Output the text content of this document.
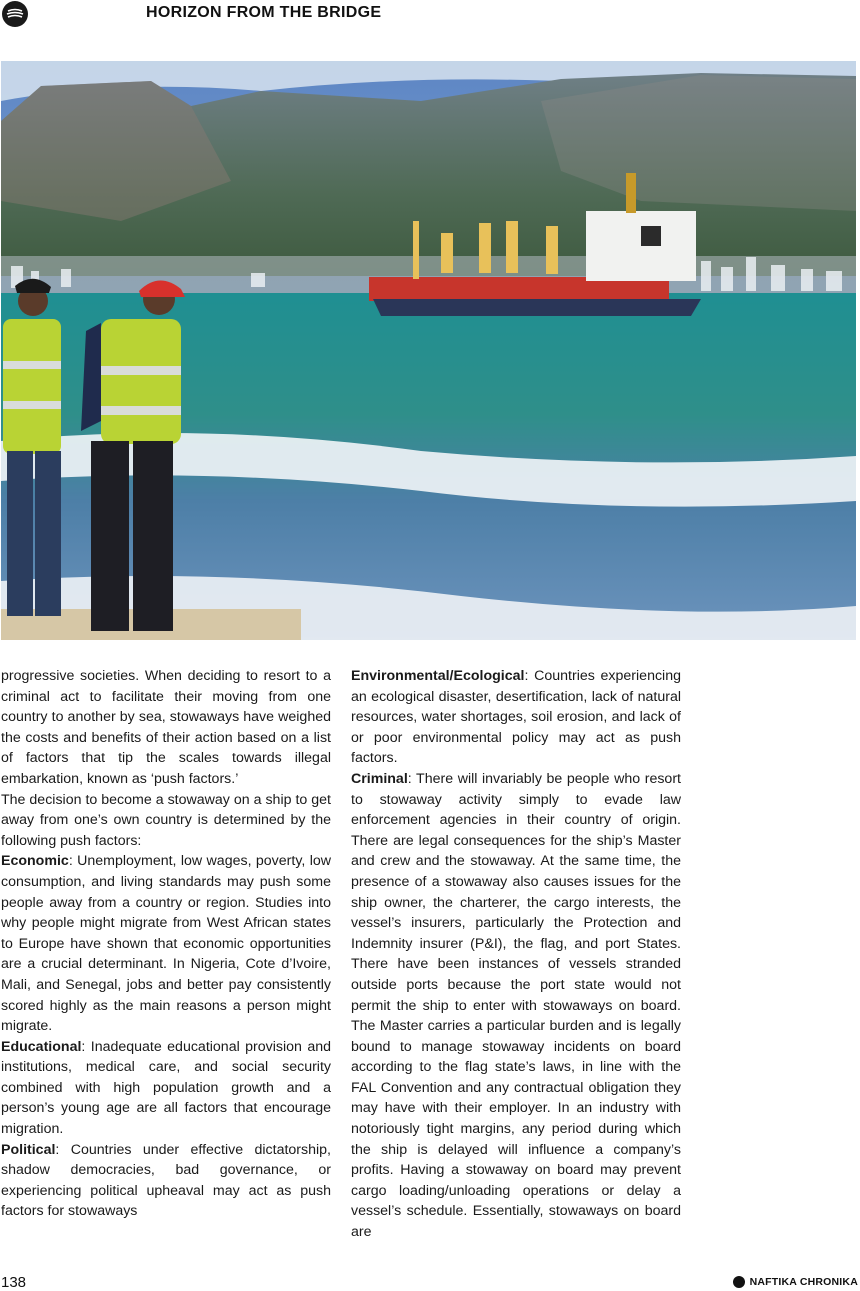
HORIZON FROM THE BRIDGE

progressive societies. When deciding to resort to a criminal act to facilitate their moving from one country to another by sea, stowaways have weighed the costs and benefits of their action based on a list of factors that tip the scales towards illegal embarkation, known as ‘push factors.’

The decision to become a stowaway on a ship to get away from one’s own country is determined by the following push factors:

Economic: Unemployment, low wages, poverty, low consumption, and living standards may push some people away from a country or region. Studies into why people might migrate from West African states to Europe have shown that economic opportunities are a crucial determinant. In Nigeria, Cote d’Ivoire, Mali, and Senegal, jobs and better pay consistently scored highly as the main reasons a person might migrate.

Educational: Inadequate educational provision and institutions, medical care, and social security combined with high population growth and a person’s young age are all factors that encourage migration.

Political: Countries under effective dictatorship, shadow democracies, bad governance, or experiencing political upheaval may act as push factors for stowaways

Environmental/Ecological: Countries experiencing an ecological disaster, desertification, lack of natural resources, water shortages, soil erosion, and lack of or poor environmental policy may act as push factors.

Criminal: There will invariably be people who resort to stowaway activity simply to evade law enforcement agencies in their country of origin. There are legal consequences for the ship’s Master and crew and the stowaway. At the same time, the presence of a stowaway also causes issues for the ship owner, the charterer, the cargo interests, the vessel’s insurers, particularly the Protection and Indemnity insurer (P&I), the flag, and port States. There have been instances of vessels stranded outside ports because the port state would not permit the ship to enter with stowaways on board. The Master carries a particular burden and is legally bound to manage stowaway incidents on board according to the flag state’s laws, in line with the FAL Convention and any contractual obligation they may have with their employer. In an industry with notoriously tight margins, any period during which the ship is delayed will influence a company’s profits. Having a stowaway on board may prevent cargo loading/unloading operations or delay a vessel’s schedule. Essentially, stowaways on board are

138	NAFTIKA CHRONIKA
